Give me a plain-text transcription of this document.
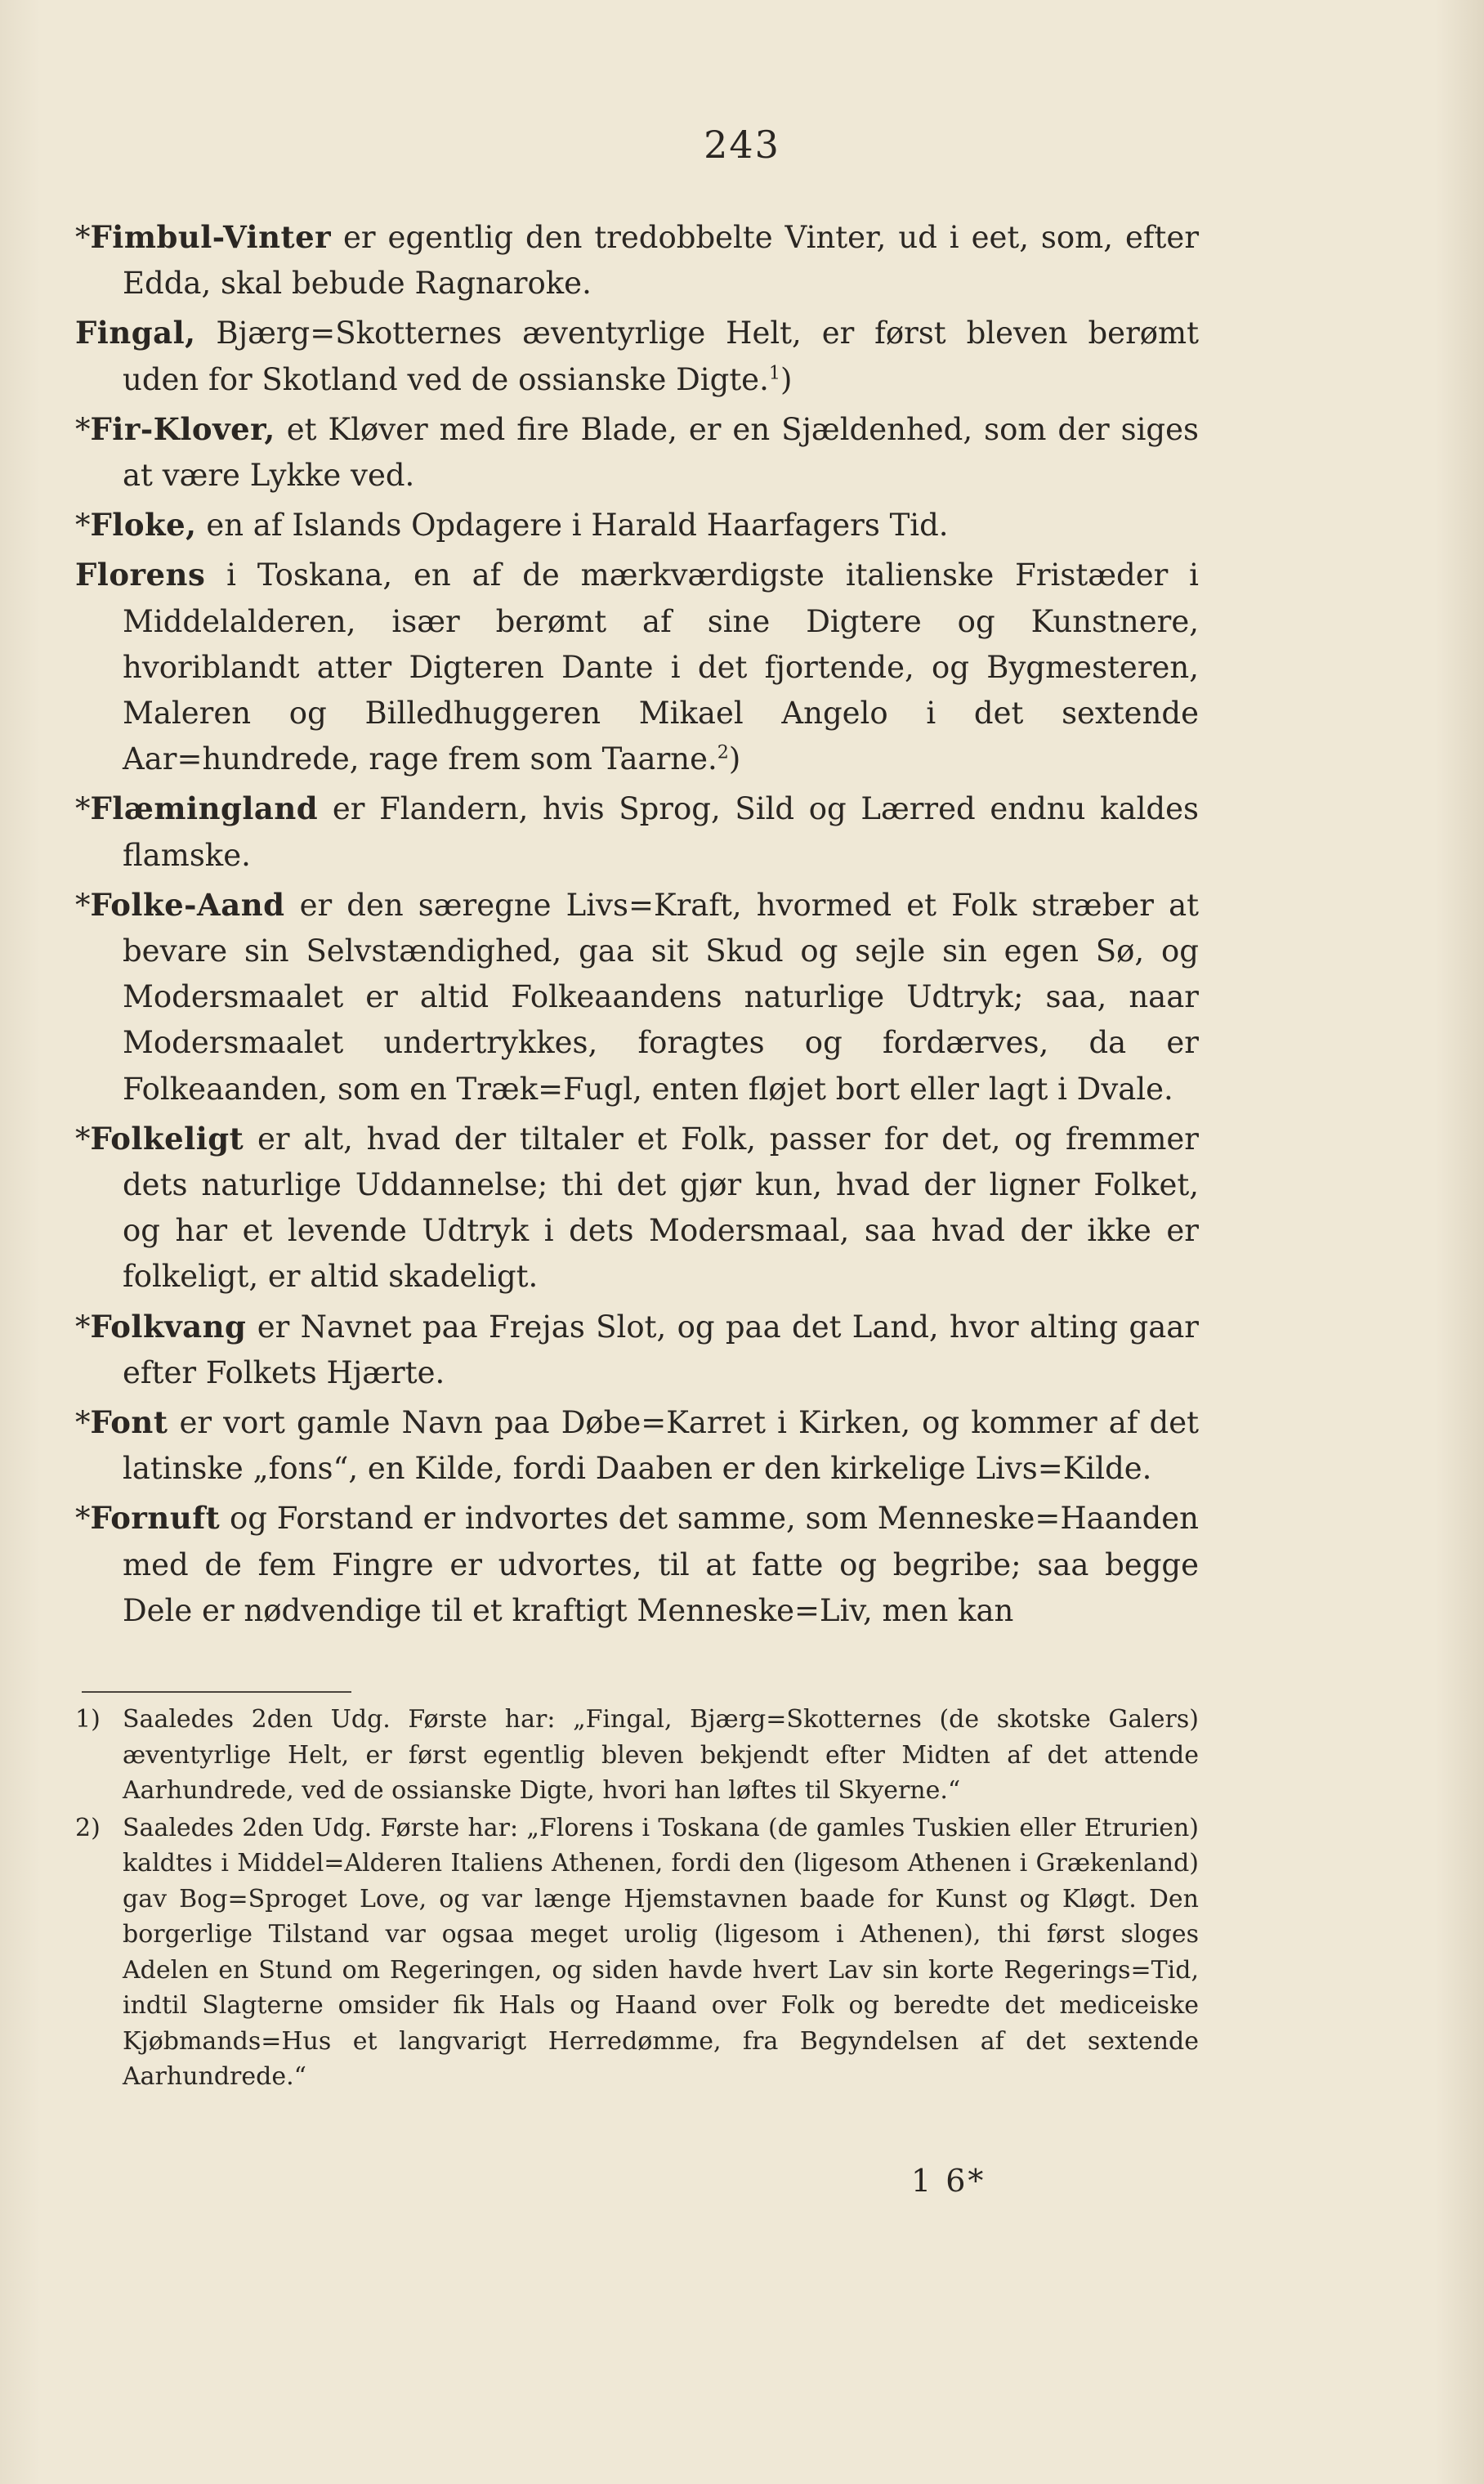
243

*Fimbul-Vinter er egentlig den tredobbelte Vinter, ud i eet, som, efter Edda, skal bebude Ragnaroke.

Fingal, Bjærg=Skotternes æventyrlige Helt, er først bleven berømt uden for Skotland ved de ossianske Digte.$^1$)

*Fir-Klover, et Kløver med fire Blade, er en Sjældenhed, som der siges at være Lykke ved.

*Floke, en af Islands Opdagere i Harald Haarfagers Tid.

Florens i Toskana, en af de mærkværdigste italienske Fristæder i Middelalderen, især berømt af sine Digtere og Kunstnere, hvoriblandt atter Digteren Dante i det fjortende, og Bygmesteren, Maleren og Billedhuggeren Mikael Angelo i det sextende Aar=hundrede, rage frem som Taarne.$^2$)

*Flæmingland er Flandern, hvis Sprog, Sild og Lærred endnu kaldes flamske.

*Folke-Aand er den særegne Livs=Kraft, hvormed et Folk stræber at bevare sin Selvstændighed, gaa sit Skud og sejle sin egen Sø, og Modersmaalet er altid Folkeaandens naturlige Udtryk; saa, naar Modersmaalet undertrykkes, foragtes og fordærves, da er Folkeaanden, som en Træk=Fugl, enten fløjet bort eller lagt i Dvale.

*Folkeligt er alt, hvad der tiltaler et Folk, passer for det, og fremmer dets naturlige Uddannelse; thi det gjør kun, hvad der ligner Folket, og har et levende Udtryk i dets Modersmaal, saa hvad der ikke er folkeligt, er altid skadeligt.

*Folkvang er Navnet paa Frejas Slot, og paa det Land, hvor alting gaar efter Folkets Hjærte.

*Font er vort gamle Navn paa Døbe=Karret i Kirken, og kommer af det latinske „fons“, en Kilde, fordi Daaben er den kirkelige Livs=Kilde.

*Fornuft og Forstand er indvortes det samme, som Menneske=Haanden med de fem Fingre er udvortes, til at fatte og begribe; saa begge Dele er nødvendige til et kraftigt Menneske=Liv, men kan

1) Saaledes 2den Udg. Første har: „Fingal, Bjærg=Skotternes (de skotske Galers) æventyrlige Helt, er først egentlig bleven bekjendt efter Midten af det attende Aarhundrede, ved de ossianske Digte, hvori han løftes til Skyerne.“

2) Saaledes 2den Udg. Første har: „Florens i Toskana (de gamles Tuskien eller Etrurien) kaldtes i Middel=Alderen Italiens Athenen, fordi den (ligesom Athenen i Grækenland) gav Bog=Sproget Love, og var længe Hjemstavnen baade for Kunst og Kløgt. Den borgerlige Tilstand var ogsaa meget urolig (ligesom i Athenen), thi først sloges Adelen en Stund om Regeringen, og siden havde hvert Lav sin korte Regerings=Tid, indtil Slagterne omsider fik Hals og Haand over Folk og beredte det mediceiske Kjøbmands=Hus et langvarigt Herredømme, fra Begyndelsen af det sextende Aarhundrede.“

1 6*
